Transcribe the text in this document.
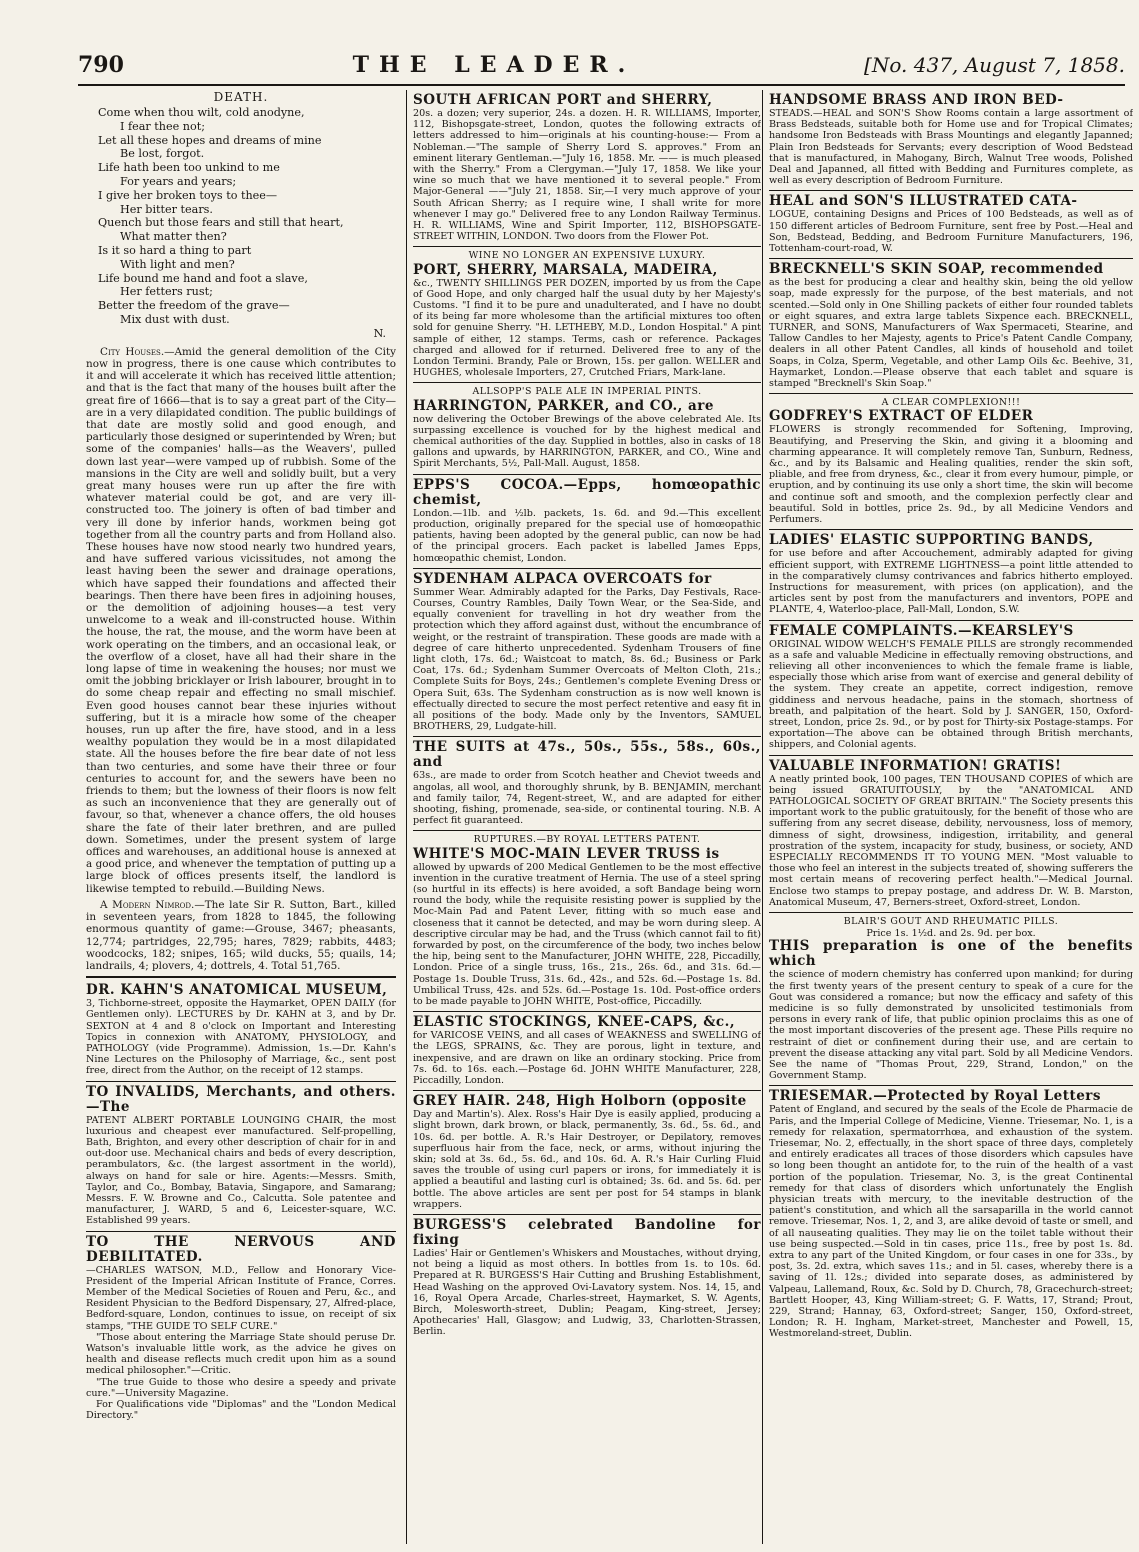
790	THE LEADER.	[No. 437, August 7, 1858.
DEATH.
Come when thou wilt, cold anodyne,
I fear thee not;
Let all these hopes and dreams of mine
Be lost, forgot.
Life hath been too unkind to me
For years and years;
I give her broken toys to thee—
Her bitter tears.
Quench but those fears and still that heart,
What matter then?
Is it so hard a thing to part
With light and men?
Life bound me hand and foot a slave,
Her fetters rust;
Better the freedom of the grave—
Mix dust with dust.
N.

City Houses.—Amid the general demolition of the City now in progress, there is one cause which contributes to it and will accelerate it which has received little attention; and that is the fact that many of the houses built after the great fire of 1666—that is to say a great part of the City—are in a very dilapidated condition. The public buildings of that date are mostly solid and good enough, and particularly those designed or superintended by Wren; but some of the companies' halls—as the Weavers', pulled down last year—were vamped up of rubbish. Some of the mansions in the City are well and solidly built, but a very great many houses were run up after the fire with whatever material could be got, and are very ill-constructed too. The joinery is often of bad timber and very ill done by inferior hands, workmen being got together from all the country parts and from Holland also. These houses have now stood nearly two hundred years, and have suffered various vicissitudes, not among the least having been the sewer and drainage operations, which have sapped their foundations and affected their bearings. Then there have been fires in adjoining houses, or the demolition of adjoining houses—a test very unwelcome to a weak and ill-constructed house. Within the house, the rat, the mouse, and the worm have been at work operating on the timbers, and an occasional leak, or the overflow of a closet, have all had their share in the long lapse of time in weakening the houses; nor must we omit the jobbing bricklayer or Irish labourer, brought in to do some cheap repair and effecting no small mischief. Even good houses cannot bear these injuries without suffering, but it is a miracle how some of the cheaper houses, run up after the fire, have stood, and in a less wealthy population they would be in a most dilapidated state. All the houses before the fire bear date of not less than two centuries, and some have their three or four centuries to account for, and the sewers have been no friends to them; but the lowness of their floors is now felt as such an inconvenience that they are generally out of favour, so that, whenever a chance offers, the old houses share the fate of their later brethren, and are pulled down. Sometimes, under the present system of large offices and warehouses, an additional house is annexed at a good price, and whenever the temptation of putting up a large block of offices presents itself, the landlord is likewise tempted to rebuild.—Building News.

A Modern Nimrod.—The late Sir R. Sutton, Bart., killed in seventeen years, from 1828 to 1845, the following enormous quantity of game:—Grouse, 3467; pheasants, 12,774; partridges, 22,795; hares, 7829; rabbits, 4483; woodcocks, 182; snipes, 165; wild ducks, 55; quails, 14; landrails, 4; plovers, 4; dottrels, 4. Total 51,765.

DR. KAHN'S ANATOMICAL MUSEUM,
3, Tichborne-street, opposite the Haymarket, OPEN DAILY (for Gentlemen only). LECTURES by Dr. KAHN at 3, and by Dr. SEXTON at 4 and 8 o'clock on Important and Interesting Topics in connexion with ANATOMY, PHYSIOLOGY, and PATHOLOGY (vide Programme). Admission, 1s.—Dr. Kahn's Nine Lectures on the Philosophy of Marriage, &c., sent post free, direct from the Author, on the receipt of 12 stamps.
TO INVALIDS, Merchants, and others.—The
PATENT ALBERT PORTABLE LOUNGING CHAIR, the most luxurious and cheapest ever manufactured. Self-propelling, Bath, Brighton, and every other description of chair for in and out-door use. Mechanical chairs and beds of every description, perambulators, &c. (the largest assortment in the world), always on hand for sale or hire. Agents:—Messrs. Smith, Taylor, and Co., Bombay, Batavia, Singapore, and Samarang; Messrs. F. W. Browne and Co., Calcutta. Sole patentee and manufacturer, J. WARD, 5 and 6, Leicester-square, W.C. Established 99 years.
TO THE NERVOUS AND DEBILITATED.
—CHARLES WATSON, M.D., Fellow and Honorary Vice-President of the Imperial African Institute of France, Corres. Member of the Medical Societies of Rouen and Peru, &c., and Resident Physician to the Bedford Dispensary, 27, Alfred-place, Bedford-square, London, continues to issue, on receipt of six stamps, "THE GUIDE TO SELF CURE."
"Those about entering the Marriage State should peruse Dr. Watson's invaluable little work, as the advice he gives on health and disease reflects much credit upon him as a sound medical philosopher."—Critic.
"The true Guide to those who desire a speedy and private cure."—University Magazine.
For Qualifications vide "Diplomas" and the "London Medical Directory."
SOUTH AFRICAN PORT and SHERRY,
20s. a dozen; very superior, 24s. a dozen. H. R. WILLIAMS, Importer, 112, Bishopsgate-street, London, quotes the following extracts of letters addressed to him—originals at his counting-house:— From a Nobleman.—"The sample of Sherry Lord S. approves." From an eminent literary Gentleman.—"July 16, 1858. Mr. —— is much pleased with the Sherry." From a Clergyman.—"July 17, 1858. We like your wine so much that we have mentioned it to several people." From Major-General ——"July 21, 1858. Sir,—I very much approve of your South African Sherry; as I require wine, I shall write for more whenever I may go." Delivered free to any London Railway Terminus. H. R. WILLIAMS, Wine and Spirit Importer, 112, BISHOPSGATE-STREET WITHIN, LONDON. Two doors from the Flower Pot.
WINE NO LONGER AN EXPENSIVE LUXURY.
PORT, SHERRY, MARSALA, MADEIRA,
&c., TWENTY SHILLINGS PER DOZEN, imported by us from the Cape of Good Hope, and only charged half the usual duty by her Majesty's Customs. "I find it to be pure and unadulterated, and I have no doubt of its being far more wholesome than the artificial mixtures too often sold for genuine Sherry. "H. LETHEBY, M.D., London Hospital." A pint sample of either, 12 stamps. Terms, cash or reference. Packages charged and allowed for if returned. Delivered free to any of the London Termini. Brandy, Pale or Brown, 15s. per gallon. WELLER and HUGHES, wholesale Importers, 27, Crutched Friars, Mark-lane.
ALLSOPP'S PALE ALE IN IMPERIAL PINTS.
HARRINGTON, PARKER, and CO., are
now delivering the October Brewings of the above celebrated Ale. Its surpassing excellence is vouched for by the highest medical and chemical authorities of the day. Supplied in bottles, also in casks of 18 gallons and upwards, by HARRINGTON, PARKER, and CO., Wine and Spirit Merchants, 5½, Pall-Mall. August, 1858.
EPPS'S COCOA.—Epps, homœopathic chemist,
London.—1lb. and ½lb. packets, 1s. 6d. and 9d.—This excellent production, originally prepared for the special use of homœopathic patients, having been adopted by the general public, can now be had of the principal grocers. Each packet is labelled James Epps, homœopathic chemist, London.
SYDENHAM ALPACA OVERCOATS for
Summer Wear. Admirably adapted for the Parks, Day Festivals, Race-Courses, Country Rambles, Daily Town Wear, or the Sea-Side, and equally convenient for travelling in hot dry weather from the protection which they afford against dust, without the encumbrance of weight, or the restraint of transpiration. These goods are made with a degree of care hitherto unprecedented. Sydenham Trousers of fine light cloth, 17s. 6d.; Waistcoat to match, 8s. 6d.; Business or Park Coat, 17s. 6d.; Sydenham Summer Overcoats of Melton Cloth, 21s.; Complete Suits for Boys, 24s.; Gentlemen's complete Evening Dress or Opera Suit, 63s. The Sydenham construction as is now well known is effectually directed to secure the most perfect retentive and easy fit in all positions of the body. Made only by the Inventors, SAMUEL BROTHERS, 29, Ludgate-hill.
THE SUITS at 47s., 50s., 55s., 58s., 60s., and
63s., are made to order from Scotch heather and Cheviot tweeds and angolas, all wool, and thoroughly shrunk, by B. BENJAMIN, merchant and family tailor, 74, Regent-street, W., and are adapted for either shooting, fishing, promenade, sea-side, or continental touring. N.B. A perfect fit guaranteed.
RUPTURES.—BY ROYAL LETTERS PATENT.
WHITE'S MOC-MAIN LEVER TRUSS is
allowed by upwards of 200 Medical Gentlemen to be the most effective invention in the curative treatment of Hernia. The use of a steel spring (so hurtful in its effects) is here avoided, a soft Bandage being worn round the body, while the requisite resisting power is supplied by the Moc-Main Pad and Patent Lever, fitting with so much ease and closeness that it cannot be detected, and may be worn during sleep. A descriptive circular may be had, and the Truss (which cannot fail to fit) forwarded by post, on the circumference of the body, two inches below the hip, being sent to the Manufacturer, JOHN WHITE, 228, Piccadilly, London. Price of a single truss, 16s., 21s., 26s. 6d., and 31s. 6d.—Postage 1s. Double Truss, 31s. 6d., 42s., and 52s. 6d.—Postage 1s. 8d. Umbilical Truss, 42s. and 52s. 6d.—Postage 1s. 10d. Post-office orders to be made payable to JOHN WHITE, Post-office, Piccadilly.
ELASTIC STOCKINGS, KNEE-CAPS, &c.,
for VARICOSE VEINS, and all cases of WEAKNESS and SWELLING of the LEGS, SPRAINS, &c. They are porous, light in texture, and inexpensive, and are drawn on like an ordinary stocking. Price from 7s. 6d. to 16s. each.—Postage 6d. JOHN WHITE Manufacturer, 228, Piccadilly, London.
GREY HAIR. 248, High Holborn (opposite
Day and Martin's). Alex. Ross's Hair Dye is easily applied, producing a slight brown, dark brown, or black, permanently, 3s. 6d., 5s. 6d., and 10s. 6d. per bottle. A. R.'s Hair Destroyer, or Depilatory, removes superfluous hair from the face, neck, or arms, without injuring the skin; sold at 3s. 6d., 5s. 6d., and 10s. 6d. A. R.'s Hair Curling Fluid saves the trouble of using curl papers or irons, for immediately it is applied a beautiful and lasting curl is obtained; 3s. 6d. and 5s. 6d. per bottle. The above articles are sent per post for 54 stamps in blank wrappers.
BURGESS'S celebrated Bandoline for fixing
Ladies' Hair or Gentlemen's Whiskers and Moustaches, without drying, not being a liquid as most others. In bottles from 1s. to 10s. 6d. Prepared at R. BURGESS'S Hair Cutting and Brushing Establishment, Head Washing on the approved Ovi-Lavatory system. Nos. 14, 15, and 16, Royal Opera Arcade, Charles-street, Haymarket, S. W. Agents, Birch, Molesworth-street, Dublin; Peagam, King-street, Jersey; Apothecaries' Hall, Glasgow; and Ludwig, 33, Charlotten-Strassen, Berlin.
HANDSOME BRASS AND IRON BED-
STEADS.—HEAL and SON'S Show Rooms contain a large assortment of Brass Bedsteads, suitable both for Home use and for Tropical Climates; handsome Iron Bedsteads with Brass Mountings and elegantly Japanned; Plain Iron Bedsteads for Servants; every description of Wood Bedstead that is manufactured, in Mahogany, Birch, Walnut Tree woods, Polished Deal and Japanned, all fitted with Bedding and Furnitures complete, as well as every description of Bedroom Furniture.
HEAL and SON'S ILLUSTRATED CATA-
LOGUE, containing Designs and Prices of 100 Bedsteads, as well as of 150 different articles of Bedroom Furniture, sent free by Post.—Heal and Son, Bedstead, Bedding, and Bedroom Furniture Manufacturers, 196, Tottenham-court-road, W.
BRECKNELL'S SKIN SOAP, recommended
as the best for producing a clear and healthy skin, being the old yellow soap, made expressly for the purpose, of the best materials, and not scented.—Sold only in One Shilling packets of either four rounded tablets or eight squares, and extra large tablets Sixpence each. BRECKNELL, TURNER, and SONS, Manufacturers of Wax Spermaceti, Stearine, and Tallow Candles to her Majesty, agents to Price's Patent Candle Company, dealers in all other Patent Candles, all kinds of household and toilet Soaps, in Colza, Sperm, Vegetable, and other Lamp Oils &c. Beehive, 31, Haymarket, London.—Please observe that each tablet and square is stamped "Brecknell's Skin Soap."
A CLEAR COMPLEXION!!!
GODFREY'S EXTRACT OF ELDER
FLOWERS is strongly recommended for Softening, Improving, Beautifying, and Preserving the Skin, and giving it a blooming and charming appearance. It will completely remove Tan, Sunburn, Redness, &c., and by its Balsamic and Healing qualities, render the skin soft, pliable, and free from dryness, &c., clear it from every humour, pimple, or eruption, and by continuing its use only a short time, the skin will become and continue soft and smooth, and the complexion perfectly clear and beautiful. Sold in bottles, price 2s. 9d., by all Medicine Vendors and Perfumers.
LADIES' ELASTIC SUPPORTING BANDS,
for use before and after Accouchement, admirably adapted for giving efficient support, with EXTREME LIGHTNESS—a point little attended to in the comparatively clumsy contrivances and fabrics hitherto employed. Instructions for measurement, with prices (on application), and the articles sent by post from the manufacturers and inventors, POPE and PLANTE, 4, Waterloo-place, Pall-Mall, London, S.W.
FEMALE COMPLAINTS.—KEARSLEY'S
ORIGINAL WIDOW WELCH'S FEMALE PILLS are strongly recommended as a safe and valuable Medicine in effectually removing obstructions, and relieving all other inconveniences to which the female frame is liable, especially those which arise from want of exercise and general debility of the system. They create an appetite, correct indigestion, remove giddiness and nervous headache, pains in the stomach, shortness of breath, and palpitation of the heart. Sold by J. SANGER, 150, Oxford-street, London, price 2s. 9d., or by post for Thirty-six Postage-stamps. For exportation—The above can be obtained through British merchants, shippers, and Colonial agents.
VALUABLE INFORMATION! GRATIS!
A neatly printed book, 100 pages, TEN THOUSAND COPIES of which are being issued GRATUITOUSLY, by the "ANATOMICAL AND PATHOLOGICAL SOCIETY OF GREAT BRITAIN." The Society presents this important work to the public gratuitously, for the benefit of those who are suffering from any secret disease, debility, nervousness, loss of memory, dimness of sight, drowsiness, indigestion, irritability, and general prostration of the system, incapacity for study, business, or society, AND ESPECIALLY RECOMMENDS IT TO YOUNG MEN. "Most valuable to those who feel an interest in the subjects treated of, showing sufferers the most certain means of recovering perfect health."—Medical Journal. Enclose two stamps to prepay postage, and address Dr. W. B. Marston, Anatomical Museum, 47, Berners-street, Oxford-street, London.
BLAIR'S GOUT AND RHEUMATIC PILLS.
Price 1s. 1½d. and 2s. 9d. per box.
THIS preparation is one of the benefits which
the science of modern chemistry has conferred upon mankind; for during the first twenty years of the present century to speak of a cure for the Gout was considered a romance; but now the efficacy and safety of this medicine is so fully demonstrated by unsolicited testimonials from persons in every rank of life, that public opinion proclaims this as one of the most important discoveries of the present age. These Pills require no restraint of diet or confinement during their use, and are certain to prevent the disease attacking any vital part. Sold by all Medicine Vendors. See the name of "Thomas Prout, 229, Strand, London," on the Government Stamp.
TRIESEMAR.—Protected by Royal Letters
Patent of England, and secured by the seals of the Ecole de Pharmacie de Paris, and the Imperial College of Medicine, Vienne. Triesemar, No. 1, is a remedy for relaxation, spermatorrhœa, and exhaustion of the system. Triesemar, No. 2, effectually, in the short space of three days, completely and entirely eradicates all traces of those disorders which capsules have so long been thought an antidote for, to the ruin of the health of a vast portion of the population. Triesemar, No. 3, is the great Continental remedy for that class of disorders which unfortunately the English physician treats with mercury, to the inevitable destruction of the patient's constitution, and which all the sarsaparilla in the world cannot remove. Triesemar, Nos. 1, 2, and 3, are alike devoid of taste or smell, and of all nauseating qualities. They may lie on the toilet table without their use being suspected.—Sold in tin cases, price 11s., free by post 1s. 8d. extra to any part of the United Kingdom, or four cases in one for 33s., by post, 3s. 2d. extra, which saves 11s.; and in 5l. cases, whereby there is a saving of 1l. 12s.; divided into separate doses, as administered by Valpeau, Lallemand, Roux, &c. Sold by D. Church, 78, Gracechurch-street; Bartlett Hooper, 43, King William-street; G. F. Watts, 17, Strand; Prout, 229, Strand; Hannay, 63, Oxford-street; Sanger, 150, Oxford-street, London; R. H. Ingham, Market-street, Manchester and Powell, 15, Westmoreland-street, Dublin.
